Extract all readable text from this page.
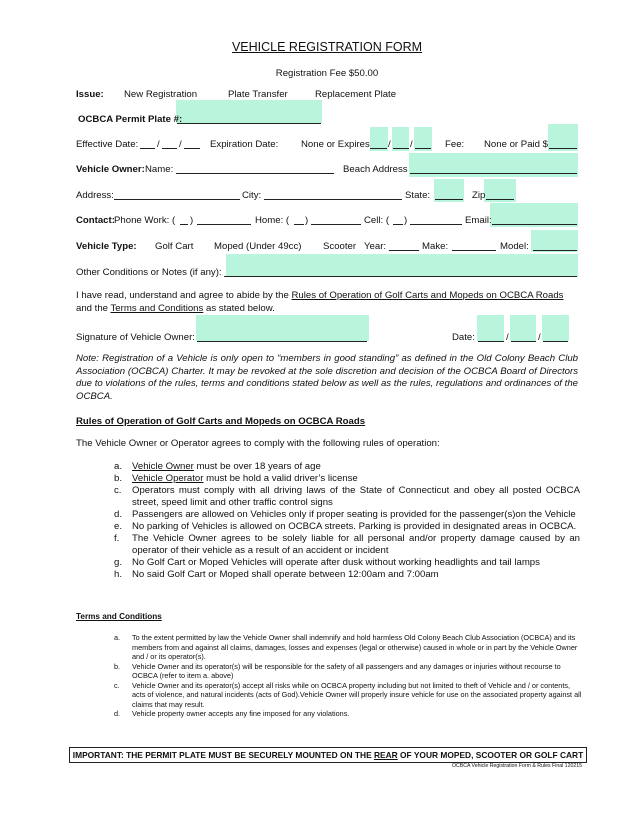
VEHICLE REGISTRATION FORM
Registration Fee $50.00
Issue: New Registration	Plate Transfer	Replacement Plate
OCBCA Permit Plate #:
Effective Date: / /	Expiration Date: None or Expires / /	Fee: None or Paid $
Vehicle Owner: Name:	Beach Address
Address:	City:	State:	Zip
Contact: Phone Work: ( )	Home: ( )	Cell: ( )	Email:
Vehicle Type: Golf Cart Moped (Under 49cc) Scooter Year:	Make:	Model:
Other Conditions or Notes (if any):
I have read, understand and agree to abide by the Rules of Operation of Golf Carts and Mopeds on OCBCA Roads and the Terms and Conditions as stated below.
Signature of Vehicle Owner:	Date:	/	/
Note: Registration of a Vehicle is only open to “members in good standing” as defined in the Old Colony Beach Club Association (OCBCA) Charter. It may be revoked at the sole discretion and decision of the OCBCA Board of Directors due to violations of the rules, terms and conditions stated below as well as the rules, regulations and ordinances of the OCBCA.
Rules of Operation of Golf Carts and Mopeds on OCBCA Roads
The Vehicle Owner or Operator agrees to comply with the following rules of operation:
a. Vehicle Owner must be over 18 years of age
b. Vehicle Operator must be hold a valid driver’s license
c. Operators must comply with all driving laws of the State of Connecticut and obey all posted OCBCA street, speed limit and other traffic control signs
d. Passengers are allowed on Vehicles only if proper seating is provided for the passenger(s)on the Vehicle
e. No parking of Vehicles is allowed on OCBCA streets. Parking is provided in designated areas in OCBCA.
f. The Vehicle Owner agrees to be solely liable for all personal and/or property damage caused by an operator of their vehicle as a result of an accident or incident
g. No Golf Cart or Moped Vehicles will operate after dusk without working headlights and tail lamps
h. No said Golf Cart or Moped shall operate between 12:00am and 7:00am
Terms and Conditions
a. To the extent permitted by law the Vehicle Owner shall indemnify and hold harmless Old Colony Beach Club Association (OCBCA) and its members from and against all claims, damages, losses and expenses (legal or otherwise) caused in whole or in part by the Vehicle Owner and / or its operator(s).
b. Vehicle Owner and its operator(s) will be responsible for the safety of all passengers and any damages or injuries without recourse to OCBCA (refer to item a. above)
c. Vehicle Owner and its operator(s) accept all risks while on OCBCA property including but not limited to theft of Vehicle and / or contents, acts of violence, and natural incidents (acts of God).Vehicle Owner will properly insure vehicle for use on the associated property against all claims that may result.
d. Vehicle property owner accepts any fine imposed for any violations.
IMPORTANT: THE PERMIT PLATE MUST BE SECURELY MOUNTED ON THE REAR OF YOUR MOPED, SCOOTER OR GOLF CART
OCBCA Vehicle Registration Form & Rules Final 120215
